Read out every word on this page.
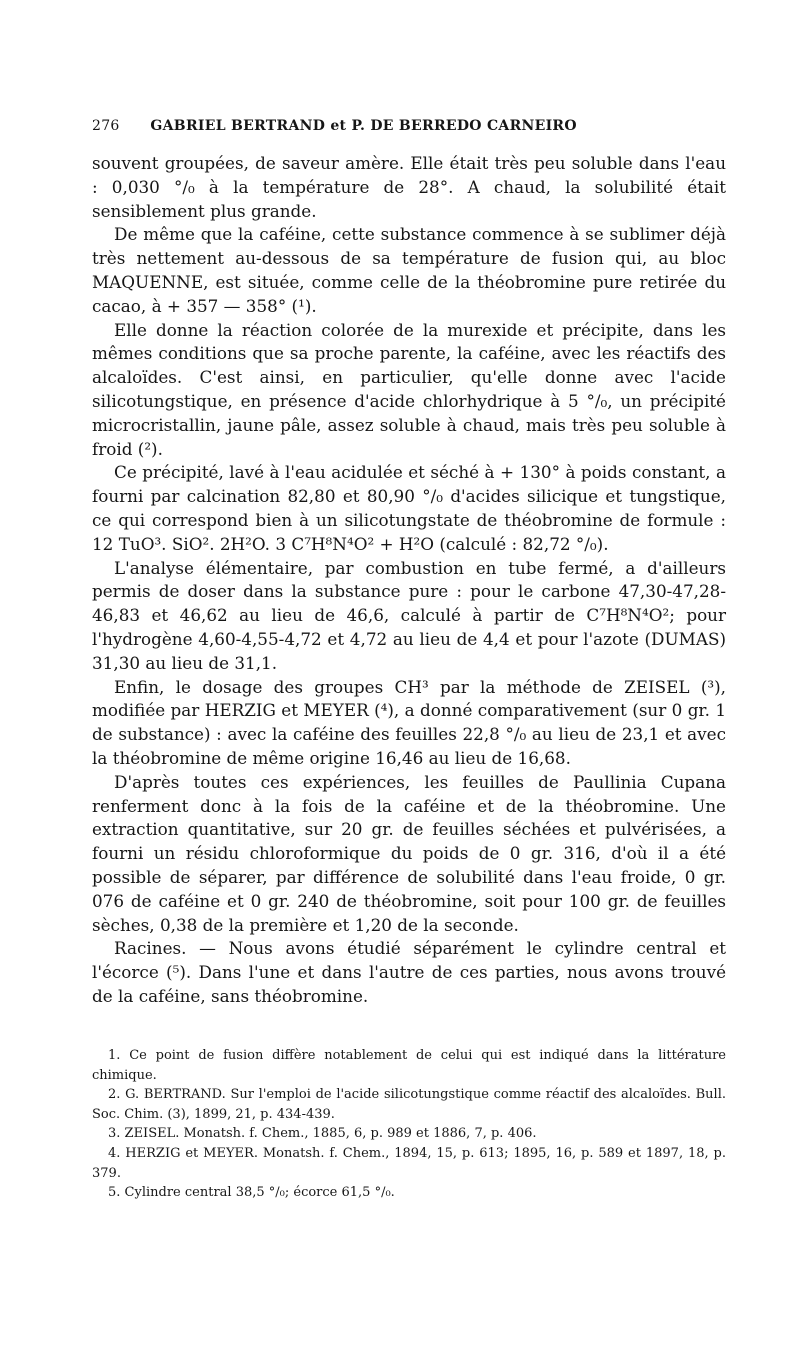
276 GABRIEL BERTRAND et P. DE BERREDO CARNEIRO

souvent groupées, de saveur amère. Elle était très peu soluble dans l'eau : 0,030 °/₀ à la température de 28°. A chaud, la solubilité était sensiblement plus grande.

De même que la caféine, cette substance commence à se sublimer déjà très nettement au-dessous de sa température de fusion qui, au bloc MAQUENNE, est située, comme celle de la théobromine pure retirée du cacao, à + 357 — 358° (¹).

Elle donne la réaction colorée de la murexide et précipite, dans les mêmes conditions que sa proche parente, la caféine, avec les réactifs des alcaloïdes. C'est ainsi, en particulier, qu'elle donne avec l'acide silicotungstique, en présence d'acide chlorhydrique à 5 °/₀, un précipité microcristallin, jaune pâle, assez soluble à chaud, mais très peu soluble à froid (²).

Ce précipité, lavé à l'eau acidulée et séché à + 130° à poids constant, a fourni par calcination 82,80 et 80,90 °/₀ d'acides silicique et tungstique, ce qui correspond bien à un silicotungstate de théobromine de formule : 12 TuO³. SiO². 2H²O. 3 C⁷H⁸N⁴O² + H²O (calculé : 82,72 °/₀).

L'analyse élémentaire, par combustion en tube fermé, a d'ailleurs permis de doser dans la substance pure : pour le carbone 47,30-47,28-46,83 et 46,62 au lieu de 46,6, calculé à partir de C⁷H⁸N⁴O²; pour l'hydrogène 4,60-4,55-4,72 et 4,72 au lieu de 4,4 et pour l'azote (DUMAS) 31,30 au lieu de 31,1.

Enfin, le dosage des groupes CH³ par la méthode de ZEISEL (³), modifiée par HERZIG et MEYER (⁴), a donné comparativement (sur 0 gr. 1 de substance) : avec la caféine des feuilles 22,8 °/₀ au lieu de 23,1 et avec la théobromine de même origine 16,46 au lieu de 16,68.

D'après toutes ces expériences, les feuilles de Paullinia Cupana renferment donc à la fois de la caféine et de la théobromine. Une extraction quantitative, sur 20 gr. de feuilles séchées et pulvérisées, a fourni un résidu chloroformique du poids de 0 gr. 316, d'où il a été possible de séparer, par différence de solubilité dans l'eau froide, 0 gr. 076 de caféine et 0 gr. 240 de théobromine, soit pour 100 gr. de feuilles sèches, 0,38 de la première et 1,20 de la seconde.

Racines. — Nous avons étudié séparément le cylindre central et l'écorce (⁵). Dans l'une et dans l'autre de ces parties, nous avons trouvé de la caféine, sans théobromine.

1. Ce point de fusion diffère notablement de celui qui est indiqué dans la littérature chimique.
2. G. BERTRAND. Sur l'emploi de l'acide silicotungstique comme réactif des alcaloïdes. Bull. Soc. Chim. (3), 1899, 21, p. 434-439.
3. ZEISEL. Monatsh. f. Chem., 1885, 6, p. 989 et 1886, 7, p. 406.
4. HERZIG et MEYER. Monatsh. f. Chem., 1894, 15, p. 613; 1895, 16, p. 589 et 1897, 18, p. 379.
5. Cylindre central 38,5 °/₀; écorce 61,5 °/₀.
